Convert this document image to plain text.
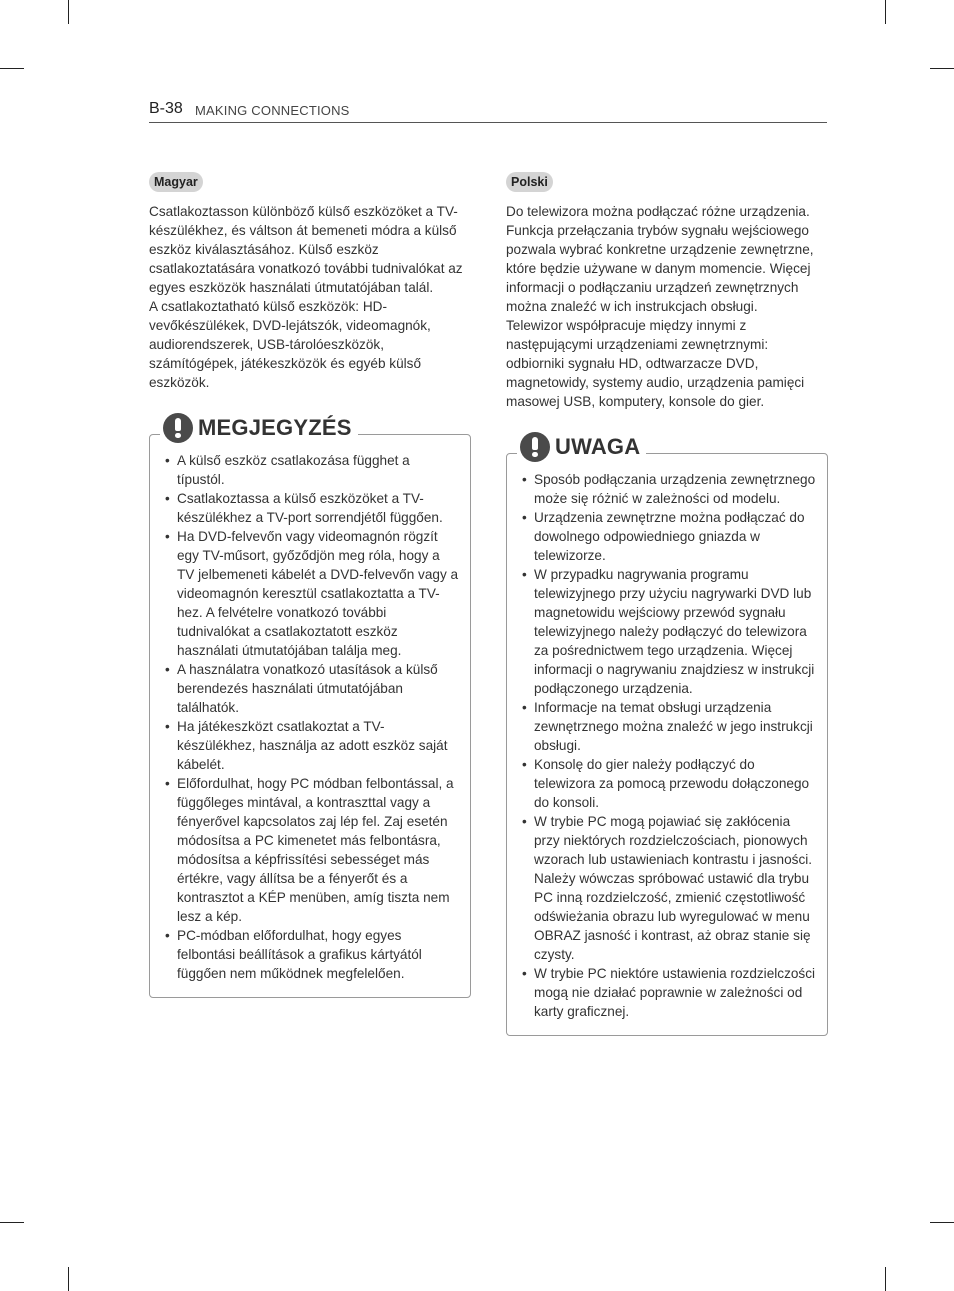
B-38 MAKING CONNECTIONS
Magyar

Csatlakoztasson különböző külső eszközöket a TV-készülékhez, és váltson át bemeneti módra a külső eszköz kiválasztásához. Külső eszköz csatlakoztatására vonatkozó további tudnivalókat az egyes eszközök használati útmutatójában talál.

A csatlakoztatható külső eszközök: HD-vevőkészülékek, DVD-lejátszók, videomagnók, audiorendszerek, USB-tárolóeszközök, számítógépek, játékeszközök és egyéb külső eszközök.

MEGJEGYZÉS
• A külső eszköz csatlakozása függhet a típustól.
• Csatlakoztassa a külső eszközöket a TV-készülékhez a TV-port sorrendjétől függően.
• Ha DVD-felvevőn vagy videomagnón rögzít egy TV-műsort, győződjön meg róla, hogy a TV jelbemeneti kábelét a DVD-felvevőn vagy a videomagnón keresztül csatlakoztatta a TV-hez. A felvételre vonatkozó további tudnivalókat a csatlakoztatott eszköz használati útmutatójában találja meg.
• A használatra vonatkozó utasítások a külső berendezés használati útmutatójában találhatók.
• Ha játékeszközt csatlakoztat a TV-készülékhez, használja az adott eszköz saját kábelét.
• Előfordulhat, hogy PC módban felbontással, a függőleges mintával, a kontraszttal vagy a fényerővel kapcsolatos zaj lép fel. Zaj esetén módosítsa a PC kimenetet más felbontásra, módosítsa a képfrissítési sebességet más értékre, vagy állítsa be a fényerőt és a kontrasztot a KÉP menüben, amíg tiszta nem lesz a kép.
• PC-módban előfordulhat, hogy egyes felbontási beállítások a grafikus kártyától függően nem működnek megfelelően.
Polski

Do telewizora można podłączać różne urządzenia. Funkcja przełączania trybów sygnału wejściowego pozwala wybrać konkretne urządzenie zewnętrzne, które będzie używane w danym momencie. Więcej informacji o podłączaniu urządzeń zewnętrznych można znaleźć w ich instrukcjach obsługi.

Telewizor współpracuje między innymi z następującymi urządzeniami zewnętrznymi: odbiorniki sygnału HD, odtwarzacze DVD, magnetowidy, systemy audio, urządzenia pamięci masowej USB, komputery, konsole do gier.

UWAGA
• Sposób podłączania urządzenia zewnętrznego może się różnić w zależności od modelu.
• Urządzenia zewnętrzne można podłączać do dowolnego odpowiedniego gniazda w telewizorze.
• W przypadku nagrywania programu telewizyjnego przy użyciu nagrywarki DVD lub magnetowidu wejściowy przewód sygnału telewizyjnego należy podłączyć do telewizora za pośrednictwem tego urządzenia. Więcej informacji o nagrywaniu znajdziesz w instrukcji podłączonego urządzenia.
• Informacje na temat obsługi urządzenia zewnętrznego można znaleźć w jego instrukcji obsługi.
• Konsolę do gier należy podłączyć do telewizora za pomocą przewodu dołączonego do konsoli.
• W trybie PC mogą pojawiać się zakłócenia przy niektórych rozdzielczościach, pionowych wzorach lub ustawieniach kontrastu i jasności. Należy wówczas spróbować ustawić dla trybu PC inną rozdzielczość, zmienić częstotliwość odświeżania obrazu lub wyregulować w menu OBRAZ jasność i kontrast, aż obraz stanie się czysty.
• W trybie PC niektóre ustawienia rozdzielczości mogą nie działać poprawnie w zależności od karty graficznej.
